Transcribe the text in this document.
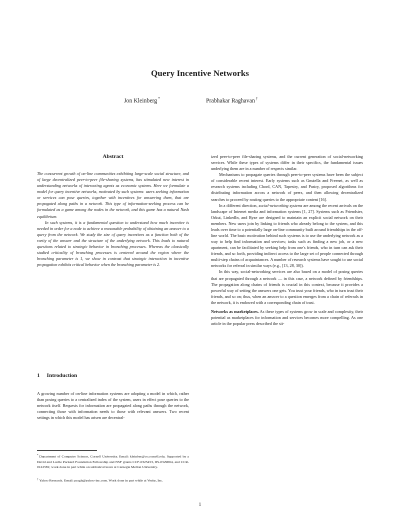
Query Incentive Networks
Jon Kleinberg*	Prabhakar Raghavan†
Abstract

The concurrent growth of on-line communities exhibiting large-scale social structure, and of large decentralized peer-to-peer file-sharing systems, has stimulated new interest in understanding networks of interacting agents as economic systems. Here we formulate a model for query incentive networks, motivated by such systems: users seeking information or services can pose queries, together with incentives for answering them, that are propagated along paths in a network. This type of information-seeking process can be formulated as a game among the nodes in the network, and this game has a natural Nash equilibrium.

In such systems, it is a fundamental question to understand how much incentive is needed in order for a node to achieve a reasonable probability of obtaining an answer to a query from the network. We study the size of query incentives as a function both of the rarity of the answer and the structure of the underlying network. This leads to natural questions related to strategic behavior in branching processes. Whereas the classically studied criticality of branching processes is centered around the region where the branching parameter is 1, we show in contrast that strategic interaction in incentive propagation exhibits critical behavior when the branching parameter is 2.

1 Introduction

A growing number of on-line information systems are adopting a model in which, rather than posing queries to a centralized index of the system, users in effect pose queries to the network itself. Requests for information are propagated along paths through the network, connecting those with information needs to those with relevant answers. Two recent settings in which this model has arisen are decentral-

*Department of Computer Science, Cornell University. Email: kleinber@cs.cornell.edu. Supported by a David and Lucile Packard Foundation Fellowship and NSF grants CCF-0325453, IIS-0329064, and CCR-0122581; work done in part while on sabbatical leave at Carnegie Mellon University.
†Yahoo Research. Email: pragh@yahoo-inc.com. Work done in part while at Verity, Inc.

ized peer-to-peer file-sharing systems, and the current generation of social-networking services. While these types of systems differ in their specifics, the fundamental issues underlying them are in a number of respects similar.

Mechanisms to propagate queries through peer-to-peer systems have been the subject of considerable recent interest. Early systems such as Gnutella and Freenet, as well as research systems including Chord, CAN, Tapestry, and Pastry, proposed algorithms for distributing information across a network of peers, and then allowing decentralized searches to proceed by routing queries to the appropriate content [16].

In a different direction, social-networking systems are among the recent arrivals on the landscape of Internet media and information systems [1, 27]. Systems such as Friendster, Orkut, LinkedIn, and Ryze are designed to maintain an explicit social network on their members. New users join by linking to friends who already belong to the system, and this leads over time to a potentially large on-line community built around friendships in the off-line world. The basic motivation behind such systems is to use the underlying network as a way to help find information and services; tasks such as finding a new job, or a new apartment, can be facilitated by seeking help from one's friends, who in turn can ask their friends, and so forth, providing indirect access to the large set of people connected through multi-step chains of acquaintances. A number of research systems have sought to use social networks for referral in similar ways (e.g., [13, 28, 30]).

In this way, social-networking services are also based on a model of posing queries that are propagated through a network — in this case, a network defined by friendships. The propagation along chains of friends is crucial in this context, because it provides a powerful way of setting the answers one gets. You trust your friends, who in turn trust their friends, and so on; thus, when an answer to a question emerges from a chain of referrals in the network, it is endowed with a corresponding chain of trust.

Networks as marketplaces. As these types of systems grow in scale and complexity, their potential as marketplaces for information and services becomes more compelling. As one article in the popular press described the sit-

1
